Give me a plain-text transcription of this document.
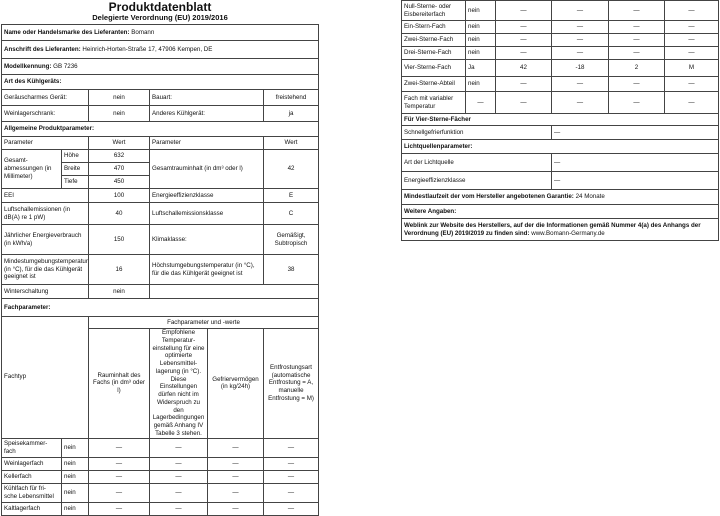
Produktdatenblatt
Delegierte Verordnung (EU) 2019/2016
Name oder Handelsmarke des Lieferanten: Bomann					
Anschrift des Lieferanten: Heinrich-Horten-Straße 17, 47906 Kempen, DE					
Modellkennung: GB 7236					
Art des Kühlgeräts:					
Geräuscharmes Gerät:		nein	Bauart:		freistehend
Weinlagerschrank:		nein	Anderes Kühlgerät:		ja
Allgemeine Produktparameter:					
Parameter		Wert	Parameter		Wert
Gesamt-abmessungen (in Millimeter)	Höhe	632	Gesamtrauminhalt (in dm³ oder l)		42
	Breite	470			
	Tiefe	450			
EEI		100	Energieeffizienzklasse		E
Luftschallemissionen (in dB(A) re 1 pW)		40	Luftschallemissionsklasse		C
Jährlicher Energieverbrauch (in kWh/a)		150	Klimaklasse:		Gemäßigt, Subtropisch
Mindestumgebungstemperatur (in °C), für die das Kühlgerät geeignet ist		16	Höchstumgebungstemperatur (in °C), für die das Kühlgerät geeignet ist		38
Winterschaltung		nein			
Fachparameter:					
Fachtyp		Fachparameter und -werte			
		Rauminhalt des Fachs (in dm³ oder l)	Empfohlene Temperatur-einstellung für eine optimierte Lebensmittel-lagerung (in °C). Diese Einstellungen dürfen nicht im Widerspruch zu den Lagerbedingungen gemäß Anhang IV Tabelle 3 stehen.	Gefriervermögen (in kg/24h)	Entfrostungsart (automatische Entfrostung = A, manuelle Entfrostung = M)
Speisekammer-fach	nein	—	—	—	—
Weinlagerfach	nein	—	—	—	—
Kellerfach	nein	—	—	—	—
Kühlfach für fri-sche Lebensmittel	nein	—	—	—	—
Kaltlagerfach	nein	—	—	—	—
Null-Sterne- oder Eisbereiterfach	nein	—	—	—	—
Ein-Stern-Fach	nein	—	—	—	—
Zwei-Sterne-Fach	nein	—	—	—	—
Drei-Sterne-Fach	nein	—	—	—	—
Vier-Sterne-Fach	Ja	42	-18	2	M
Zwei-Sterne-Abteil	nein	—	—	—	—
Fach mit variabler Temperatur	—	—	—	—	—
Für Vier-Sterne-Fächer					
Schnellgefrierfunktion			—		
Lichtquellenparameter:					
Art der Lichtquelle			—		
Energieeffizienzklasse			—		
Mindestlaufzeit der vom Hersteller angebotenen Garantie: 24 Monate					
Weitere Angaben:					
Weblink zur Website des Herstellers, auf der die Informationen gemäß Nummer 4(a) des Anhangs der Verordnung (EU) 2019/2019 zu finden sind: www.Bomann-Germany.de					
